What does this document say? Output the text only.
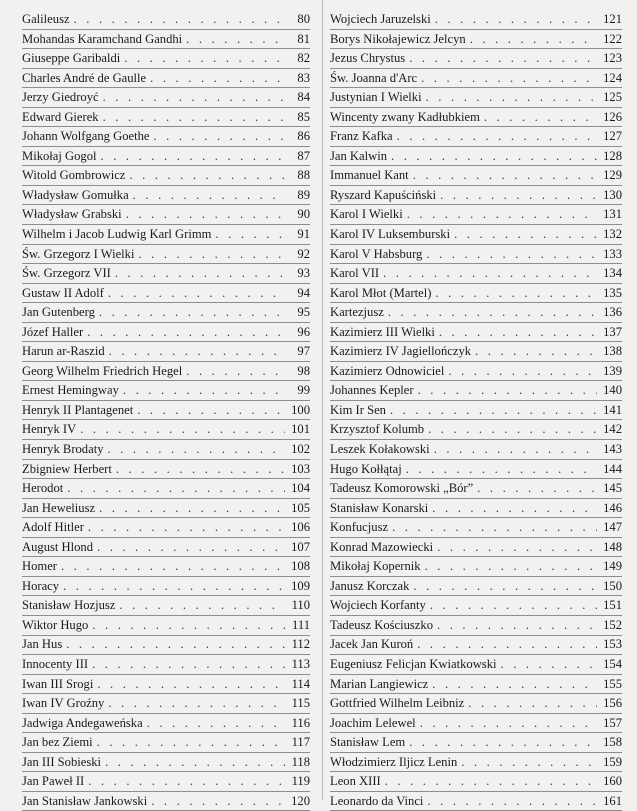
Galileusz . . .	80
Mohandas Karamchand Gandhi . . .	81
Giuseppe Garibaldi . . .	82
Charles André de Gaulle . . .	83
Jerzy Giedroyć . . .	84
Edward Gierek . . .	85
Johann Wolfgang Goethe . . .	86
Mikołaj Gogol . . .	87
Witold Gombrowicz . . .	88
Władysław Gomułka . . .	89
Władysław Grabski . . .	90
Wilhelm i Jacob Ludwig Karl Grimm . . .	91
Św. Grzegorz I Wielki . . .	92
Św. Grzegorz VII . . .	93
Gustaw II Adolf . . .	94
Jan Gutenberg . . .	95
Józef Haller . . .	96
Harun ar-Raszid . . .	97
Georg Wilhelm Friedrich Hegel . . .	98
Ernest Hemingway . . .	99
Henryk II Plantagenet . . .	100
Henryk IV . . .	101
Henryk Brodaty . . .	102
Zbigniew Herbert . . .	103
Herodot . . .	104
Jan Heweliusz . . .	105
Adolf Hitler . . .	106
August Hlond . . .	107
Homer . . .	108
Horacy . . .	109
Stanisław Hozjusz . . .	110
Wiktor Hugo . . .	111
Jan Hus . . .	112
Innocenty III . . .	113
Iwan III Srogi . . .	114
Iwan IV Groźny . . .	115
Jadwiga Andegaweńska . . .	116
Jan bez Ziemi . . .	117
Jan III Sobieski . . .	118
Jan Paweł II . . .	119
Jan Stanisław Jankowski . . .	120
Wojciech Jaruzelski . . .	121
Borys Nikołajewicz Jelcyn . . .	122
Jezus Chrystus . . .	123
Św. Joanna d'Arc . . .	124
Justynian I Wielki . . .	125
Wincenty zwany Kadłubkiem . . .	126
Franz Kafka . . .	127
Jan Kalwin . . .	128
Immanuel Kant . . .	129
Ryszard Kapuściński . . .	130
Karol I Wielki . . .	131
Karol IV Luksemburski . . .	132
Karol V Habsburg . . .	133
Karol VII . . .	134
Karol Młot (Martel) . . .	135
Kartezjusz . . .	136
Kazimierz III Wielki . . .	137
Kazimierz IV Jagiellończyk . . .	138
Kazimierz Odnowiciel . . .	139
Johannes Kepler . . .	140
Kim Ir Sen . . .	141
Krzysztof Kolumb . . .	142
Leszek Kołakowski . . .	143
Hugo Kołłątaj . . .	144
Tadeusz Komorowski „Bór” . . .	145
Stanisław Konarski . . .	146
Konfucjusz . . .	147
Konrad Mazowiecki . . .	148
Mikołaj Kopernik . . .	149
Janusz Korczak . . .	150
Wojciech Korfanty . . .	151
Tadeusz Kościuszko . . .	152
Jacek Jan Kuroń . . .	153
Eugeniusz Felicjan Kwiatkowski . . .	154
Marian Langiewicz . . .	155
Gottfried Wilhelm Leibniz . . .	156
Joachim Lelewel . . .	157
Stanisław Lem . . .	158
Włodzimierz Iljicz Lenin . . .	159
Leon XIII . . .	160
Leonardo da Vinci . . .	161
